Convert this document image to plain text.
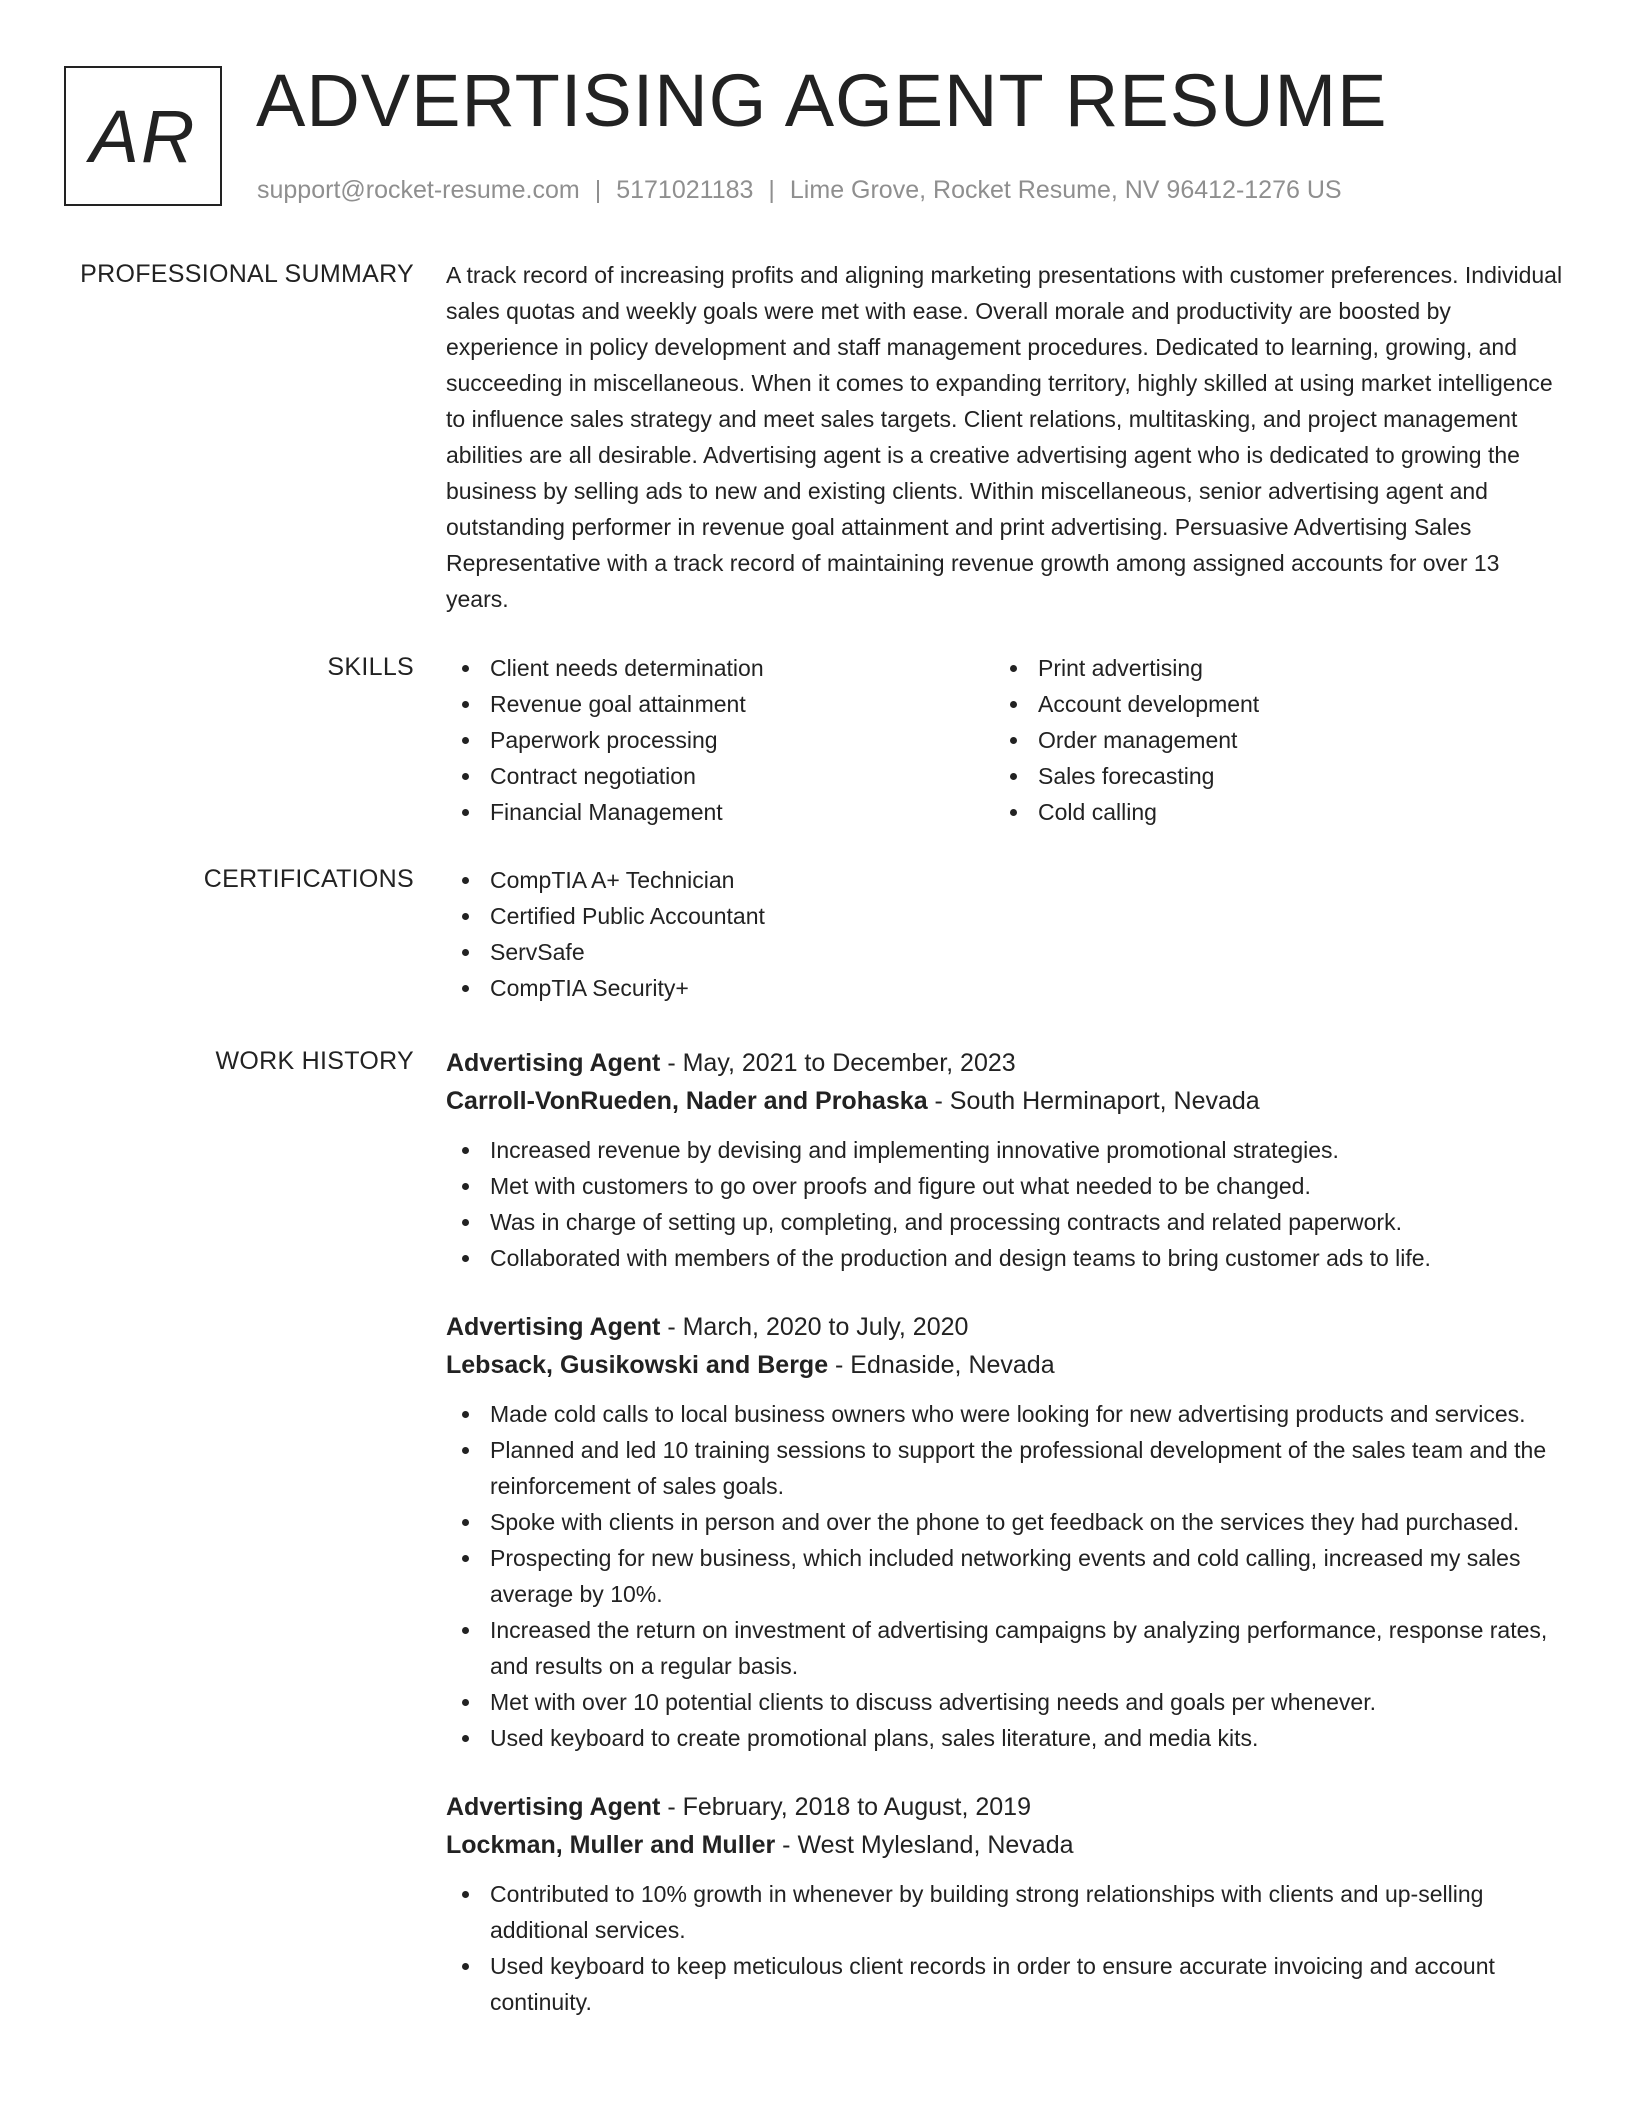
AR ADVERTISING AGENT RESUME
support@rocket-resume.com | 5171021183 | Lime Grove, Rocket Resume, NV 96412-1276 US
PROFESSIONAL SUMMARY A track record of increasing profits and aligning marketing presentations with customer preferences. Individual sales quotas and weekly goals were met with ease. Overall morale and productivity are boosted by experience in policy development and staff management procedures. Dedicated to learning, growing, and succeeding in miscellaneous. When it comes to expanding territory, highly skilled at using market intelligence to influence sales strategy and meet sales targets. Client relations, multitasking, and project management abilities are all desirable. Advertising agent is a creative advertising agent who is dedicated to growing the business by selling ads to new and existing clients. Within miscellaneous, senior advertising agent and outstanding performer in revenue goal attainment and print advertising. Persuasive Advertising Sales Representative with a track record of maintaining revenue growth among assigned accounts for over 13 years.

SKILLS	Client needs determination
Revenue goal attainment
Paperwork processing
Contract negotiation
Financial Management
Print advertising
Account development
Order management
Sales forecasting
Cold calling
CERTIFICATIONS	CompTIA A+ Technician
Certified Public Accountant
ServSafe
CompTIA Security+
WORK HISTORY Advertising Agent - May, 2021 to December, 2023
Carroll-VonRueden, Nader and Prohaska - South Herminaport, Nevada
Increased revenue by devising and implementing innovative promotional strategies.
Met with customers to go over proofs and figure out what needed to be changed.
Was in charge of setting up, completing, and processing contracts and related paperwork.
Collaborated with members of the production and design teams to bring customer ads to life.
Advertising Agent - March, 2020 to July, 2020
Lebsack, Gusikowski and Berge - Ednaside, Nevada
Made cold calls to local business owners who were looking for new advertising products and services.
Planned and led 10 training sessions to support the professional development of the sales team and the reinforcement of sales goals.
Spoke with clients in person and over the phone to get feedback on the services they had purchased.
Prospecting for new business, which included networking events and cold calling, increased my sales average by 10%.
Increased the return on investment of advertising campaigns by analyzing performance, response rates, and results on a regular basis.
Met with over 10 potential clients to discuss advertising needs and goals per whenever.
Used keyboard to create promotional plans, sales literature, and media kits.
Advertising Agent - February, 2018 to August, 2019
Lockman, Muller and Muller - West Mylesland, Nevada
Contributed to 10% growth in whenever by building strong relationships with clients and up-selling additional services.
Used keyboard to keep meticulous client records in order to ensure accurate invoicing and account continuity.
